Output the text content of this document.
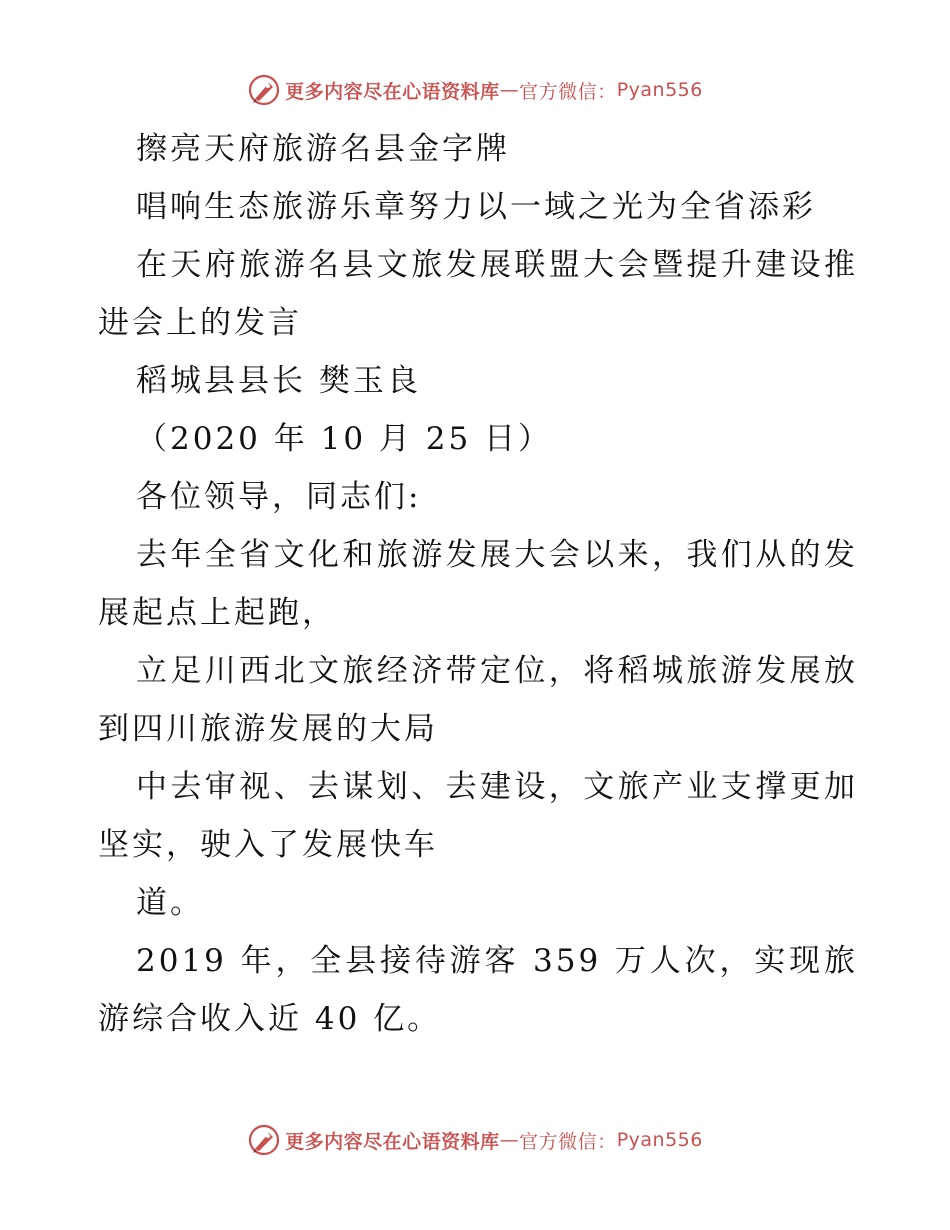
更多内容尽在心语资料库 — 官方微信： Pyan556

擦亮天府旅游名县金字牌

唱响生态旅游乐章努力以一域之光为全省添彩

在天府旅游名县文旅发展联盟大会暨提升建设推进会上的发言

稻城县县长 樊玉良

（2020 年 10 月 25 日）

各位领导，同志们:

去年全省文化和旅游发展大会以来，我们从的发展起点上起跑，

立足川西北文旅经济带定位，将稻城旅游发展放到四川旅游发展的大局

中去审视、去谋划、去建设，文旅产业支撑更加坚实，驶入了发展快车

道。

2019 年，全县接待游客 359 万人次，实现旅游综合收入近 40 亿。

更多内容尽在心语资料库 — 官方微信： Pyan556
